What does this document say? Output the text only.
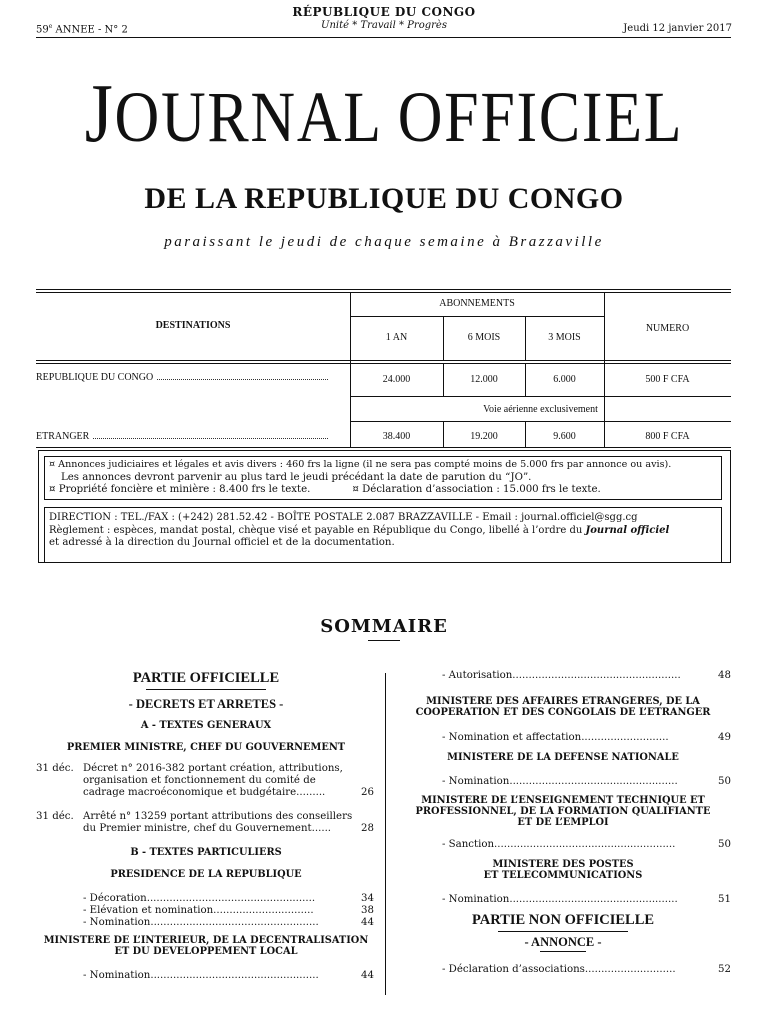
RÉPUBLIQUE DU CONGO
Unité * Travail * Progrès
59e ANNEE - N° 2	Jeudi 12 janvier 2017
JOURNAL OFFICIEL
DE LA REPUBLIQUE DU CONGO
paraissant le jeudi de chaque semaine à Brazzaville
DESTINATIONS
ABONNEMENTS
1 AN	6 MOIS	3 MOIS
NUMERO
REPUBLIQUE DU CONGO	24.000	12.000	6.000	500 F CFA
Voie aérienne exclusivement
ETRANGER	38.400	19.200	9.600	800 F CFA
¤ Annonces judiciaires et légales et avis divers : 460 frs la ligne (il ne sera pas compté moins de 5.000 frs par annonce ou avis).
Les annonces devront parvenir au plus tard le jeudi précédant la date de parution du “JO”.
¤ Propriété foncière et minière : 8.400 frs le texte.	¤ Déclaration d’association : 15.000 frs le texte.
DIRECTION : TEL./FAX : (+242) 281.52.42 - BOÎTE POSTALE 2.087 BRAZZAVILLE - Email : journal.officiel@sgg.cg
Règlement : espèces, mandat postal, chèque visé et payable en République du Congo, libellé à l’ordre du Journal officiel
et adressé à la direction du Journal officiel et de la documentation.
SOMMAIRE
PARTIE OFFICIELLE
- DECRETS ET ARRETES -
A - TEXTES GENERAUX
PREMIER MINISTRE, CHEF DU GOUVERNEMENT
31 déc. Décret n° 2016-382 portant création, attributions,
organisation et fonctionnement du comité de
cadrage macroéconomique et budgétaire.........	26
31 déc. Arrêté n° 13259 portant attributions des conseillers
du Premier ministre, chef du Gouvernement......	28
B - TEXTES PARTICULIERS
PRESIDENCE DE LA REPUBLIQUE
- Décoration....................................................	34
- Elévation et nomination...............................	38
- Nomination....................................................	44
MINISTERE DE L’INTERIEUR, DE LA DECENTRALISATION
ET DU DEVELOPPEMENT LOCAL
- Nomination....................................................	44
- Autorisation....................................................	48
MINISTERE DES AFFAIRES ETRANGERES, DE LA
COOPERATION ET DES CONGOLAIS DE L’ETRANGER
- Nomination et affectation...........................	49
MINISTERE DE LA DEFENSE NATIONALE
- Nomination....................................................	50
MINISTERE DE L’ENSEIGNEMENT TECHNIQUE ET
PROFESSIONNEL, DE LA FORMATION QUALIFIANTE
ET DE L’EMPLOI
- Sanction........................................................	50
MINISTERE DES POSTES
ET TELECOMMUNICATIONS
- Nomination....................................................	51
PARTIE NON OFFICIELLE
- ANNONCE -
- Déclaration d’associations............................	52
